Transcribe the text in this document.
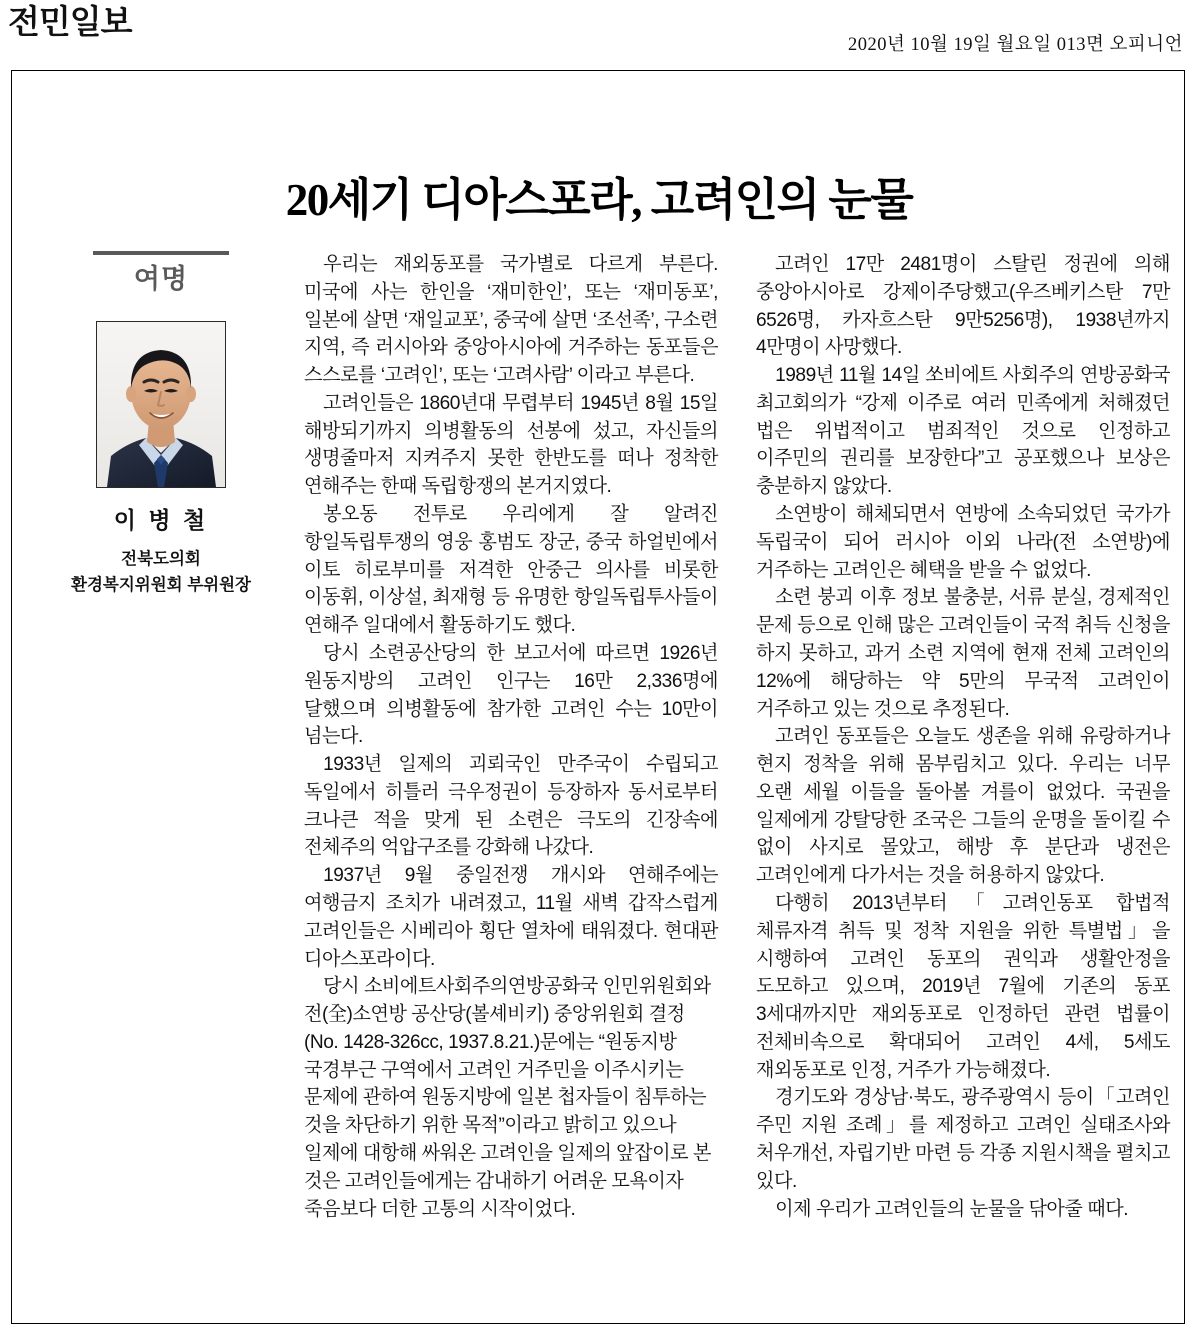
전민일보
2020년 10월 19일 월요일 013면 오피니언
20세기 디아스포라, 고려인의 눈물
여명
이 병 철
전북도의회
환경복지위원회 부위원장

우리는 재외동포를 국가별로 다르게 부른다. 미국에 사는 한인을 ‘재미한인’, 또는 ‘재미동포’, 일본에 살면 ‘재일교포’, 중국에 살면 ‘조선족’, 구소련 지역, 즉 러시아와 중앙아시아에 거주하는 동포들은 스스로를 ‘고려인’, 또는 ‘고려사람’ 이라고 부른다.

고려인들은 1860년대 무렵부터 1945년 8월 15일 해방되기까지 의병활동의 선봉에 섰고, 자신들의 생명줄마저 지켜주지 못한 한반도를 떠나 정착한 연해주는 한때 독립항쟁의 본거지였다.

봉오동 전투로 우리에게 잘 알려진 항일독립투쟁의 영웅 홍범도 장군, 중국 하얼빈에서 이토 히로부미를 저격한 안중근 의사를 비롯한 이동휘, 이상설, 최재형 등 유명한 항일독립투사들이 연해주 일대에서 활동하기도 했다.

당시 소련공산당의 한 보고서에 따르면 1926년 원동지방의 고려인 인구는 16만 2,336명에 달했으며 의병활동에 참가한 고려인 수는 10만이 넘는다.

1933년 일제의 괴뢰국인 만주국이 수립되고 독일에서 히틀러 극우정권이 등장하자 동서로부터 크나큰 적을 맞게 된 소련은 극도의 긴장속에 전체주의 억압구조를 강화해 나갔다.

1937년 9월 중일전쟁 개시와 연해주에는 여행금지 조치가 내려졌고, 11월 새벽 갑작스럽게 고려인들은 시베리아 횡단 열차에 태워졌다. 현대판 디아스포라이다.

당시 소비에트사회주의연방공화국 인민위원회와 전(全)소연방 공산당(볼셰비키) 중앙위원회 결정(No. 1428-326cc, 1937.8.21.)문에는 “원동지방 국경부근 구역에서 고려인 거주민을 이주시키는 문제에 관하여 원동지방에 일본 첩자들이 침투하는 것을 차단하기 위한 목적”이라고 밝히고 있으나 일제에 대항해 싸워온 고려인을 일제의 앞잡이로 본 것은 고려인들에게는 감내하기 어려운 모욕이자 죽음보다 더한 고통의 시작이었다.

고려인 17만 2481명이 스탈린 정권에 의해 중앙아시아로 강제이주당했고(우즈베키스탄 7만 6526명, 카자흐스탄 9만5256명), 1938년까지 4만명이 사망했다.

1989년 11월 14일 쏘비에트 사회주의 연방공화국 최고회의가 “강제 이주로 여러 민족에게 처해졌던 법은 위법적이고 범죄적인 것으로 인정하고 이주민의 권리를 보장한다”고 공포했으나 보상은 충분하지 않았다.

소연방이 해체되면서 연방에 소속되었던 국가가 독립국이 되어 러시아 이외 나라(전 소연방)에 거주하는 고려인은 혜택을 받을 수 없었다.

소련 붕괴 이후 정보 불충분, 서류 분실, 경제적인 문제 등으로 인해 많은 고려인들이 국적 취득 신청을 하지 못하고, 과거 소련 지역에 현재 전체 고려인의 12%에 해당하는 약 5만의 무국적 고려인이 거주하고 있는 것으로 추정된다.

고려인 동포들은 오늘도 생존을 위해 유랑하거나 현지 정착을 위해 몸부림치고 있다. 우리는 너무 오랜 세월 이들을 돌아볼 겨를이 없었다. 국권을 일제에게 강탈당한 조국은 그들의 운명을 돌이킬 수 없이 사지로 몰았고, 해방 후 분단과 냉전은 고려인에게 다가서는 것을 허용하지 않았다.

다행히 2013년부터「고려인동포 합법적 체류자격 취득 및 정착 지원을 위한 특별법」을 시행하여 고려인 동포의 권익과 생활안정을 도모하고 있으며, 2019년 7월에 기존의 동포 3세대까지만 재외동포로 인정하던 관련 법률이 전체비속으로 확대되어 고려인 4세, 5세도 재외동포로 인정, 거주가 가능해졌다.

경기도와 경상남·북도, 광주광역시 등이「고려인 주민 지원 조례」를 제정하고 고려인 실태조사와 처우개선, 자립기반 마련 등 각종 지원시책을 펼치고 있다.

이제 우리가 고려인들의 눈물을 닦아줄 때다.
